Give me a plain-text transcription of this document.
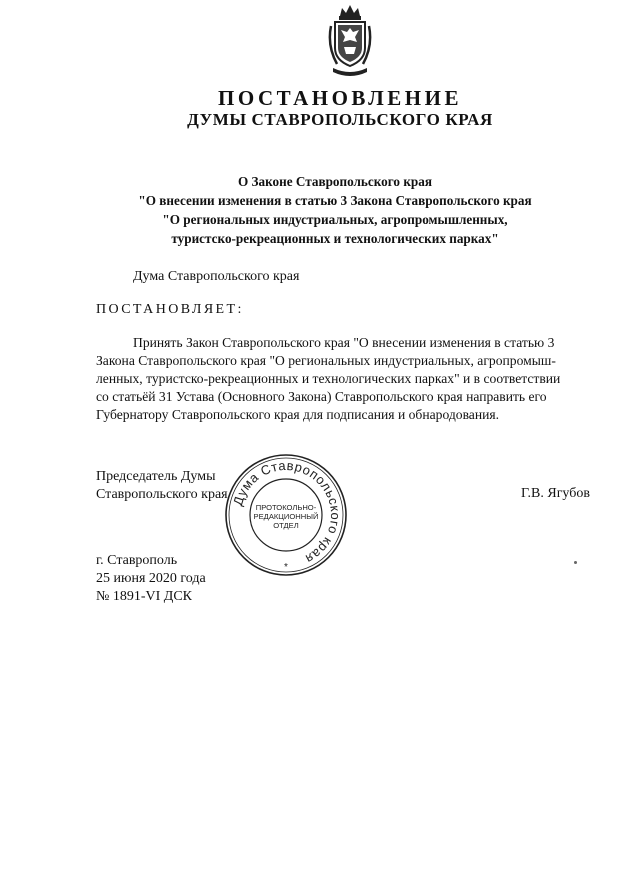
ПОСТАНОВЛЕНИЕ
ДУМЫ СТАВРОПОЛЬСКОГО КРАЯ
О Законе Ставропольского края
"О внесении изменения в статью 3 Закона Ставропольского края
"О региональных индустриальных, агропромышленных,
туристско-рекреационных и технологических парках"
Дума Ставропольского края
ПОСТАНОВЛЯЕТ:
Принять Закон Ставропольского края "О внесении изменения в статью 3
Закона Ставропольского края "О региональных индустриальных, агропромыш-
ленных, туристско-рекреационных и технологических парках" и в соответствии
со статьёй 31 Устава (Основного Закона) Ставропольского края направить его
Губернатору Ставропольского края для подписания и обнародования.
Председатель Думы
Ставропольского края	Г.В. Ягубов
Дума Ставропольского края
ПРОТОКОЛЬНО-
РЕДАКЦИОННЫЙ
ОТДЕЛ
*
г. Ставрополь
25 июня 2020 года
№ 1891-VI ДСК
